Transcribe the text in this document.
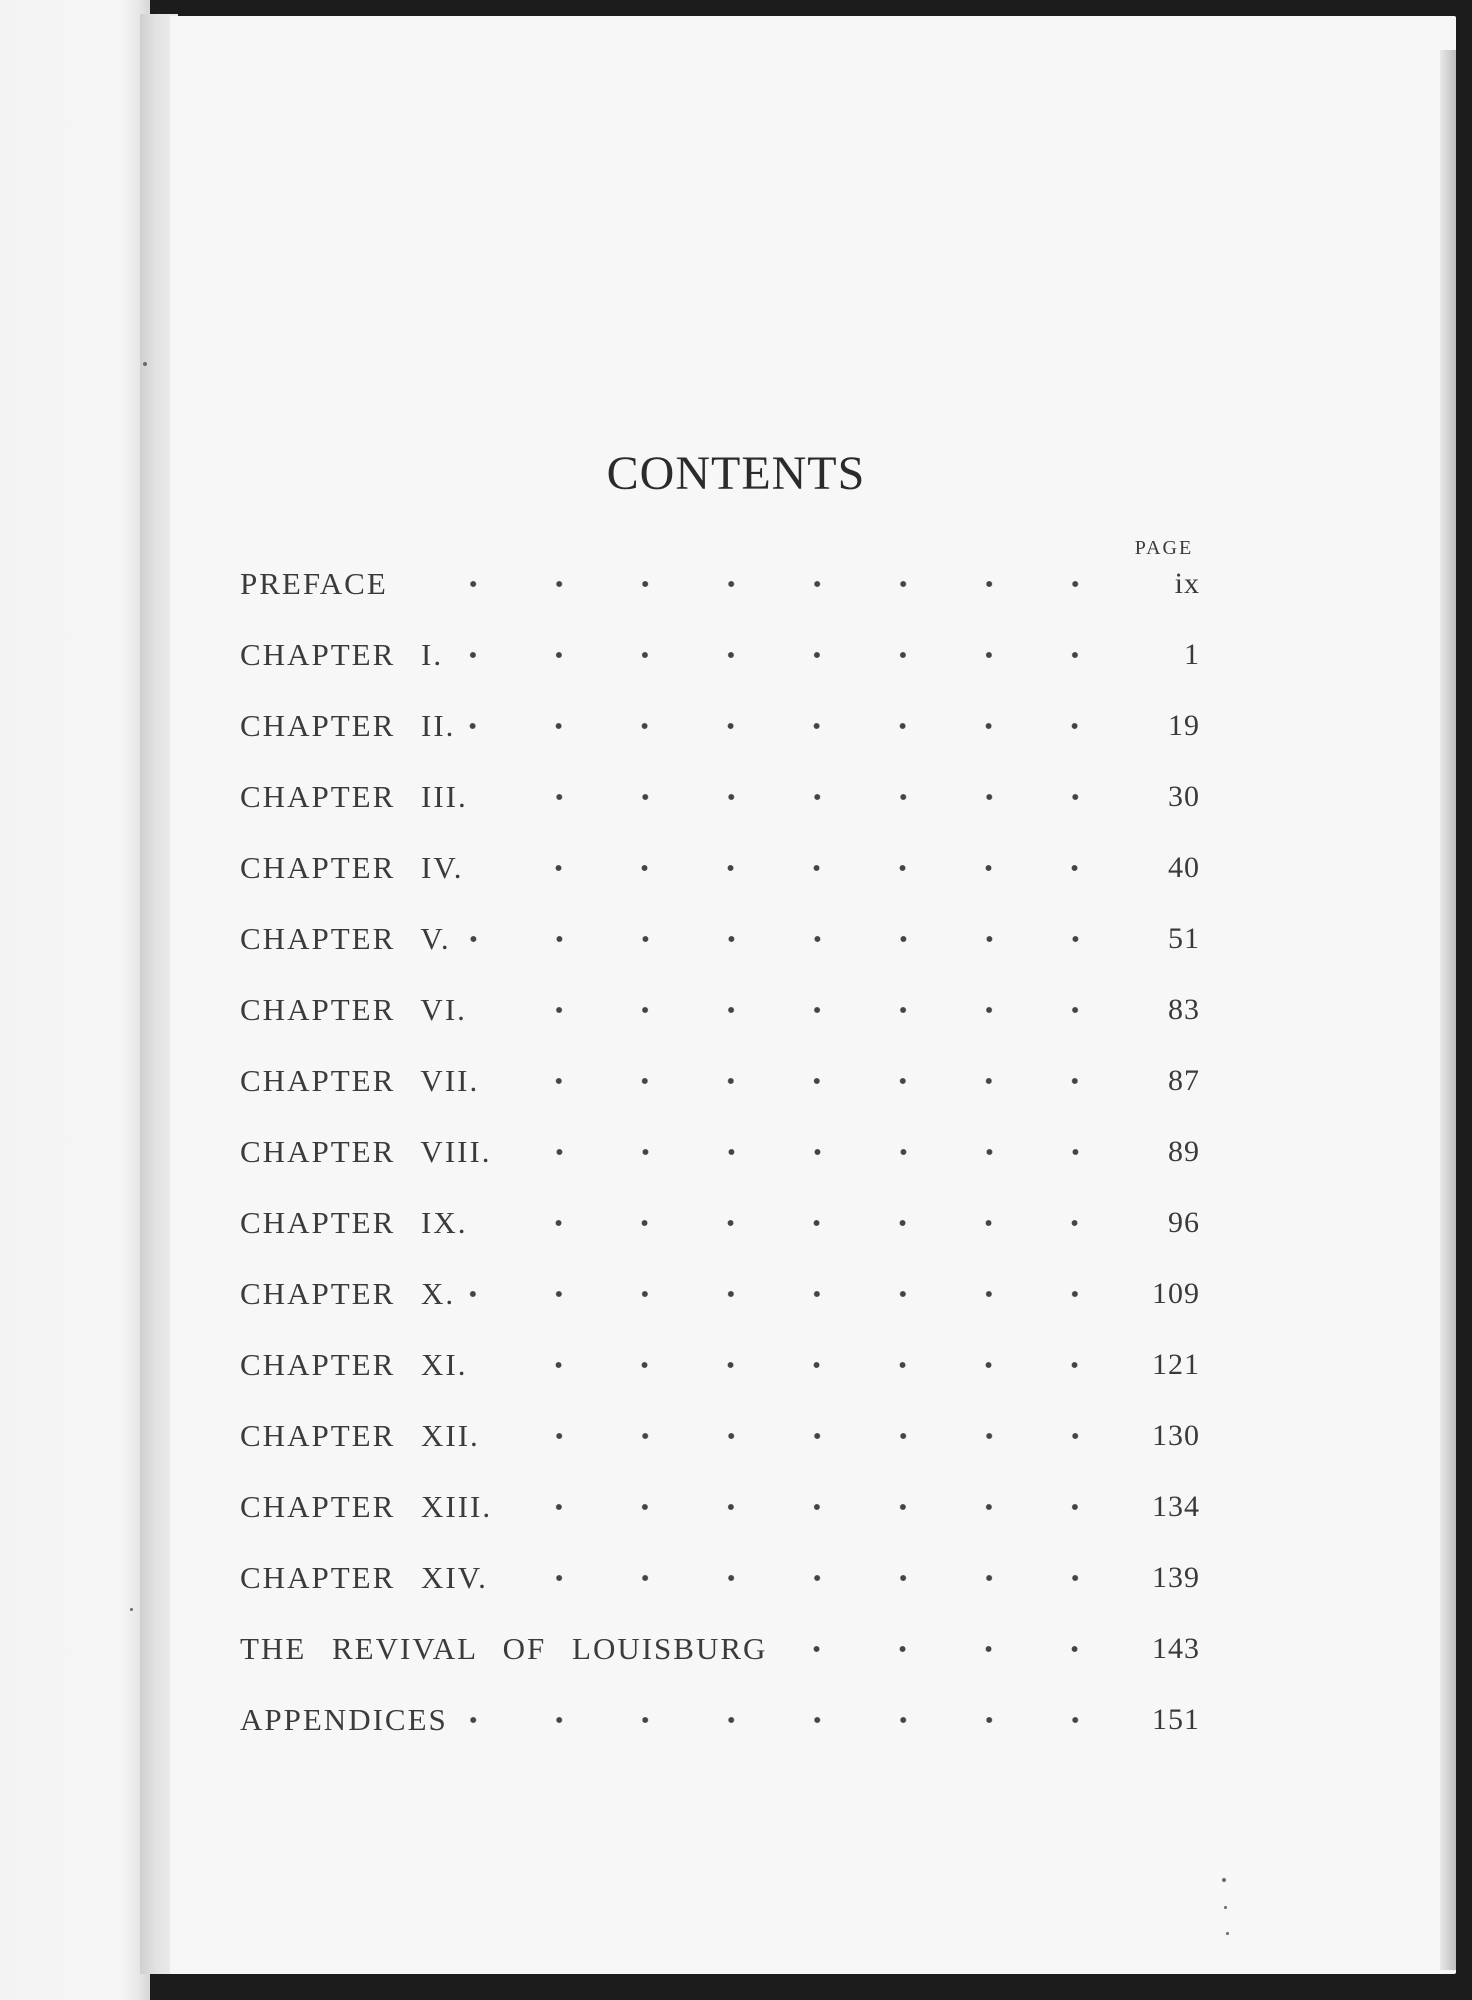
CONTENTS
PAGE
PREFACE	ix
CHAPTER I.	1
CHAPTER II.	19
CHAPTER III.	30
CHAPTER IV.	40
CHAPTER V.	51
CHAPTER VI.	83
CHAPTER VII.	87
CHAPTER VIII.	89
CHAPTER IX.	96
CHAPTER X.	109
CHAPTER XI.	121
CHAPTER XII.	130
CHAPTER XIII.	134
CHAPTER XIV.	139
THE REVIVAL OF LOUISBURG	143
APPENDICES	151
